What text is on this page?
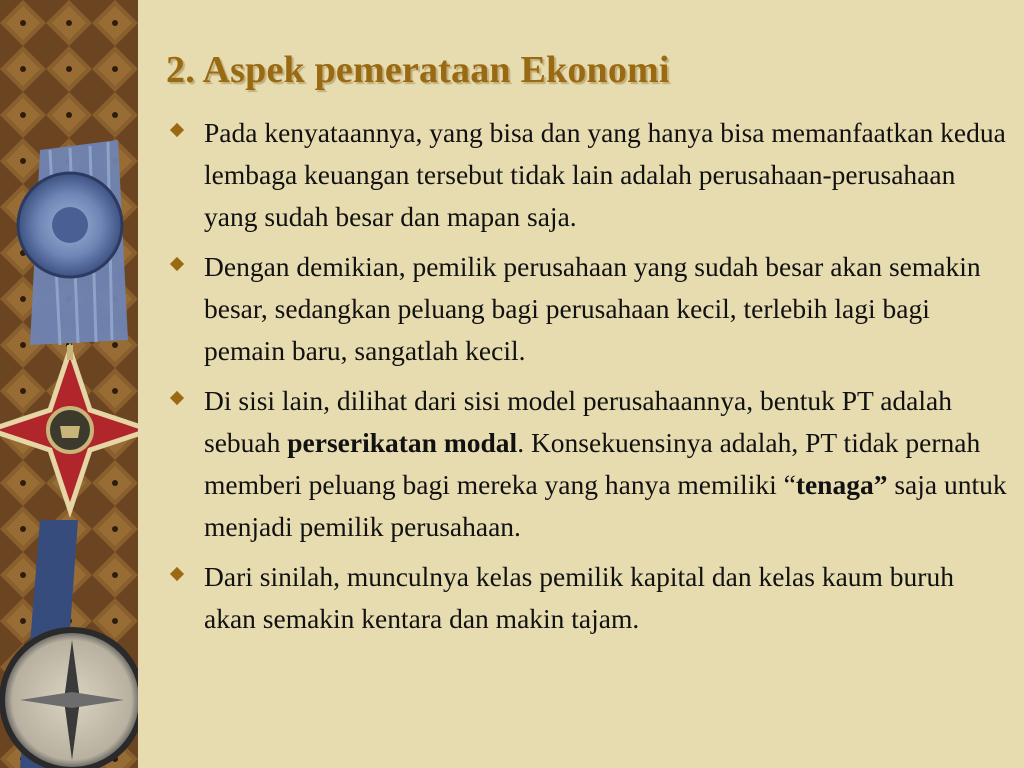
2. Aspek pemerataan Ekonomi
Pada kenyataannya, yang bisa dan yang hanya bisa memanfaatkan kedua lembaga keuangan tersebut tidak lain adalah perusahaan-perusahaan yang sudah besar dan mapan saja.
Dengan demikian, pemilik perusahaan yang sudah besar akan semakin besar, sedangkan peluang bagi perusahaan kecil, terlebih lagi bagi pemain baru, sangatlah kecil.
Di sisi lain, dilihat dari sisi model perusahaannya, bentuk PT adalah sebuah perserikatan modal. Konsekuensinya adalah, PT tidak pernah memberi peluang bagi mereka yang hanya memiliki “tenaga” saja untuk menjadi pemilik perusahaan.
Dari sinilah, munculnya kelas pemilik kapital dan kelas kaum buruh akan semakin kentara dan makin tajam.
